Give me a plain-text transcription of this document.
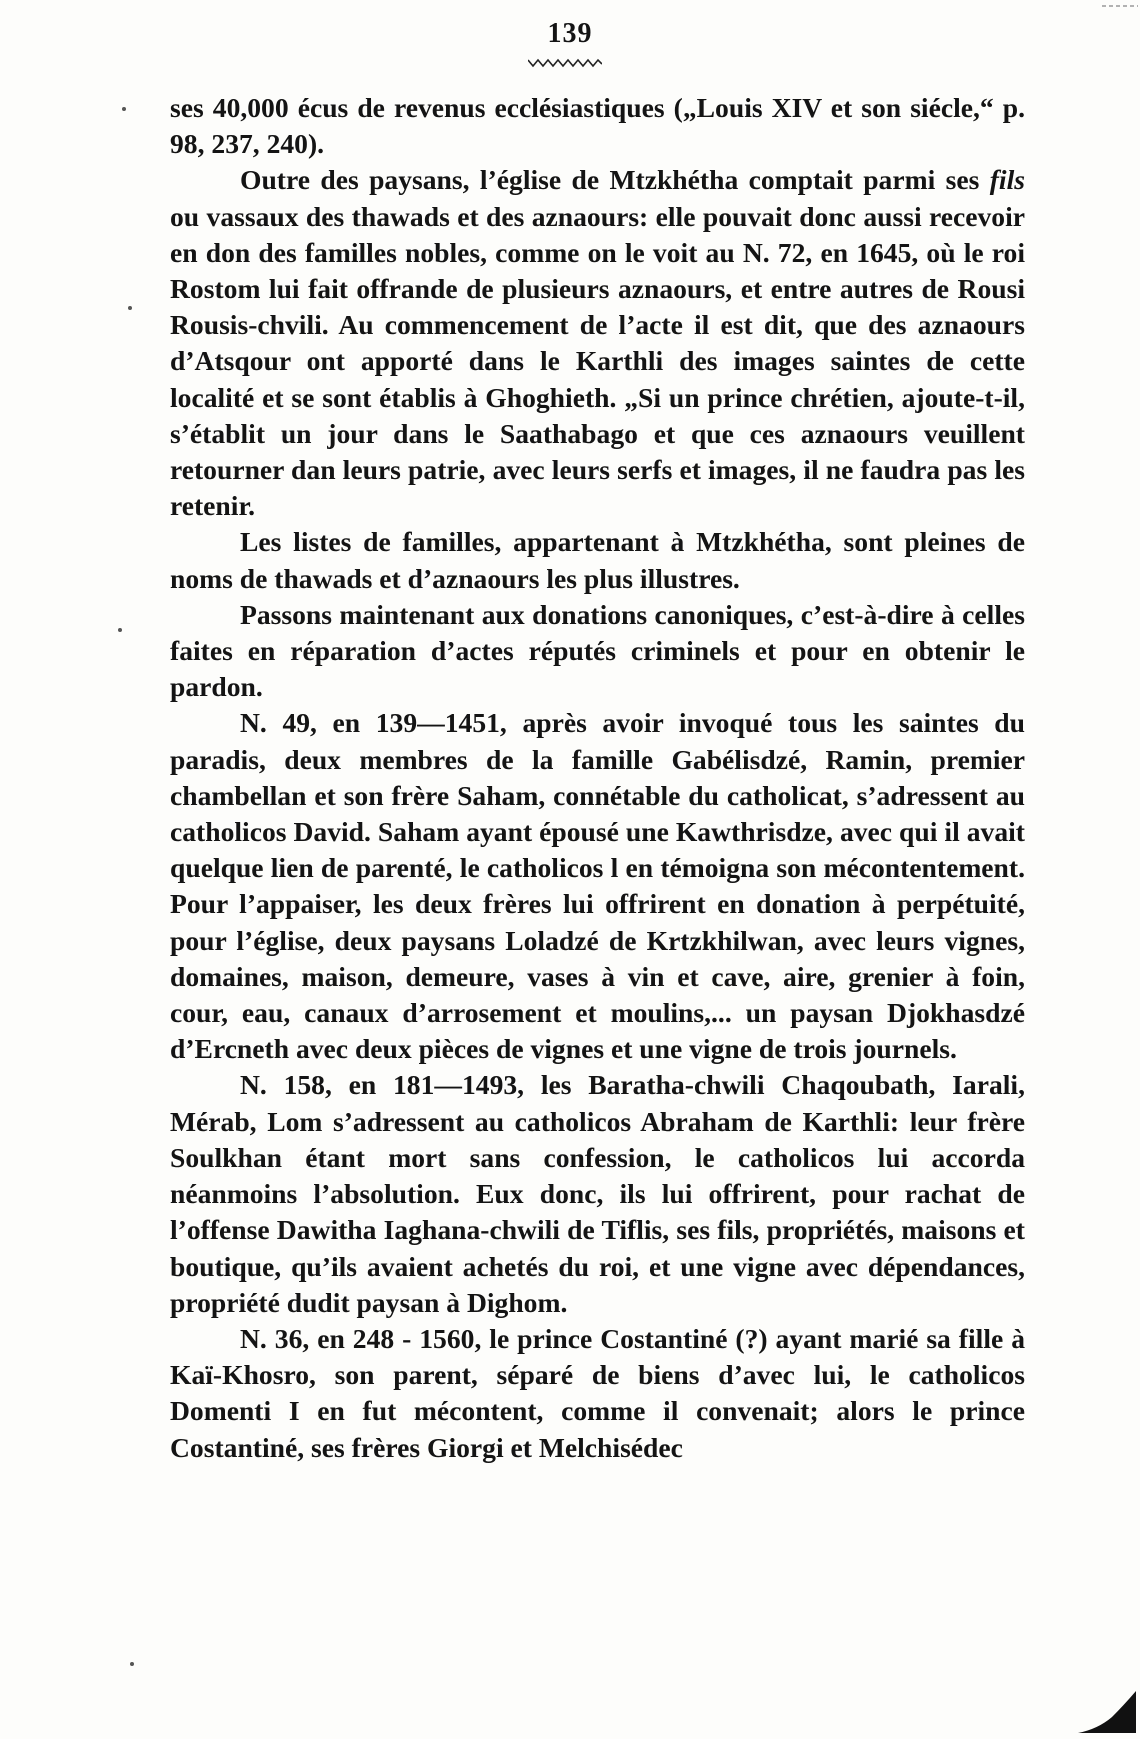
139

ses 40,000 écus de revenus ecclésiastiques („Louis XIV et son siécle,“ p. 98, 237, 240).

Outre des paysans, l’église de Mtzkhétha comptait parmi ses fils ou vassaux des thawads et des aznaours: elle pouvait donc aussi recevoir en don des familles nobles, comme on le voit au N. 72, en 1645, où le roi Rostom lui fait offrande de plusieurs aznaours, et entre autres de Rousi Rousis-chvili. Au commencement de l’acte il est dit, que des aznaours d’Atsqour ont apporté dans le Karthli des images saintes de cette localité et se sont établis à Ghoghieth. „Si un prince chrétien, ajoute-t-il, s’établit un jour dans le Saathabago et que ces aznaours veuillent retourner dan leurs patrie, avec leurs serfs et images, il ne faudra pas les retenir.

Les listes de familles, appartenant à Mtzkhétha, sont pleines de noms de thawads et d’aznaours les plus illustres.

Passons maintenant aux donations canoniques, c’est-à-dire à celles faites en réparation d’actes réputés criminels et pour en obtenir le pardon.

N. 49, en 139—1451, après avoir invoqué tous les saintes du paradis, deux membres de la famille Gabélisdzé, Ramin, premier chambellan et son frère Saham, connétable du catholicat, s’adressent au catholicos David. Saham ayant épousé une Kawthrisdze, avec qui il avait quelque lien de parenté, le catholicos l en témoigna son mécontentement. Pour l’appaiser, les deux frères lui offrirent en donation à perpétuité, pour l’église, deux paysans Loladzé de Krtzkhilwan, avec leurs vignes, domaines, maison, demeure, vases à vin et cave, aire, grenier à foin, cour, eau, canaux d’arrosement et moulins,... un paysan Djokhasdzé d’Ercneth avec deux pièces de vignes et une vigne de trois journels.

N. 158, en 181—1493, les Baratha-chwili Chaqoubath, Iarali, Mérab, Lom s’adressent au catholicos Abraham de Karthli: leur frère Soulkhan étant mort sans confession, le catholicos lui accorda néanmoins l’absolution. Eux donc, ils lui offrirent, pour rachat de l’offense Dawitha Iaghana-chwili de Tiflis, ses fils, propriétés, maisons et boutique, qu’ils avaient achetés du roi, et une vigne avec dépendances, propriété dudit paysan à Dighom.

N. 36, en 248 - 1560, le prince Costantiné (?) ayant marié sa fille à Kaï-Khosro, son parent, séparé de biens d’avec lui, le catholicos Domenti I en fut mécontent, comme il convenait; alors le prince Costantiné, ses frères Giorgi et Melchisédec
